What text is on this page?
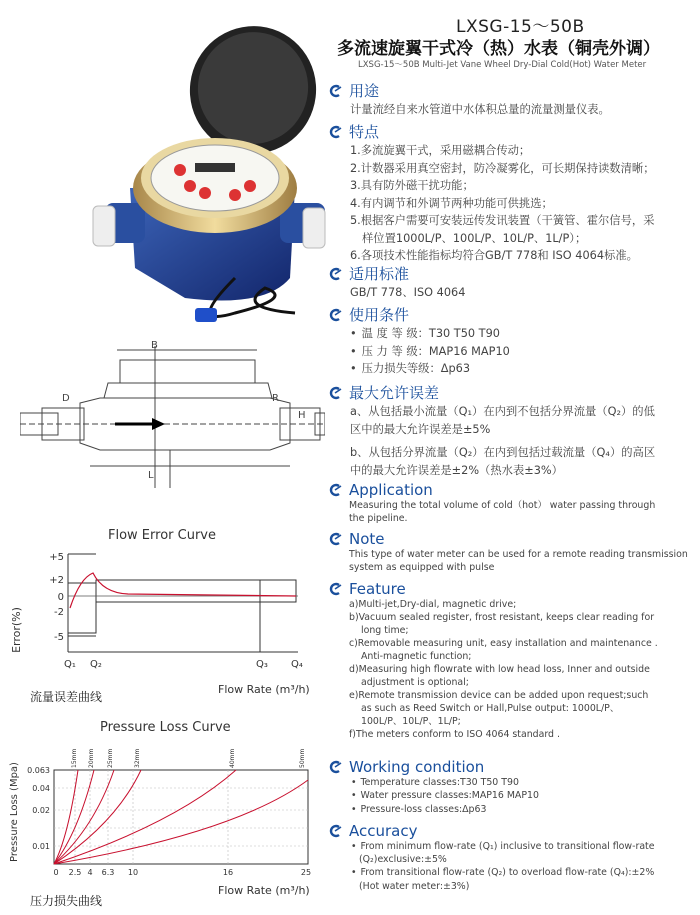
LXSG-15～50B
多流速旋翼干式冷（热）水表（铜壳外调）
LXSG-15～50B Multi-Jet Vane Wheel Dry-Dial Cold(Hot) Water Meter
B
D	R
H
L
Flow Error Curve
Error(%)
+5
+2
0
-2
-5
Q₁ Q₂	Q₃ Q₄
流量误差曲线
Flow Rate (m³/h)
Pressure Loss Curve
Pressure Loss (Mpa)
15mm 20mm 25mm	32mm	40mm	50mm
0.063
0.04
0.02
0.01
0 2.5 4 6.3 10	16	25
压力损失曲线
Flow Rate (m³/h)
用途
计量流经自来水管道中水体积总量的流量测量仪表。
特点
1.多流旋翼干式，采用磁耦合传动；
2.计数器采用真空密封，防冷凝雾化，可长期保持读数清晰；
3.具有防外磁干扰功能；
4.有内调节和外调节两种功能可供挑选；
5.根据客户需要可安装远传发讯装置（干簧管、霍尔信号，采
样位置1000L/P、100L/P、10L/P、1L/P）；
6.各项技术性能指标均符合GB/T 778和 ISO 4064标准。
适用标准
GB/T 778、ISO 4064
使用条件
• 温 度 等 级：T30 T50 T90
• 压 力 等 级：MAP16 MAP10
• 压力损失等级：Δp63
最大允许误差
a、从包括最小流量（Q₁）在内到不包括分界流量（Q₂）的低
区中的最大允许误差是±5%
b、从包括分界流量（Q₂）在内到包括过载流量（Q₄）的高区
中的最大允许误差是±2%（热水表±3%）
Application
Measuring the total volume of cold（hot） water passing through
the pipeline.
Note
This type of water meter can be used for a remote reading transmission
system as equipped with pulse
Feature
a)Multi-jet,Dry-dial, magnetic drive;
b)Vacuum sealed register, frost resistant, keeps clear reading for
long time;
c)Removable measuring unit, easy installation and maintenance .
Anti-magnetic function;
d)Measuring high flowrate with low head loss, Inner and outside
adjustment is optional;
e)Remote transmission device can be added upon request;such
as such as Reed Switch or Hall,Pulse output: 1000L/P、
100L/P、10L/P、1L/P;
f)The meters conform to ISO 4064 standard .
Working condition
• Temperature classes:T30 T50 T90
• Water pressure classes:MAP16 MAP10
• Pressure-loss classes:Δp63
Accuracy
• From minimum flow-rate (Q₁) inclusive to transitional flow-rate
(Q₂)exclusive:±5%
• From transitional flow-rate (Q₂) to overload flow-rate (Q₄):±2%
(Hot water meter:±3%)
